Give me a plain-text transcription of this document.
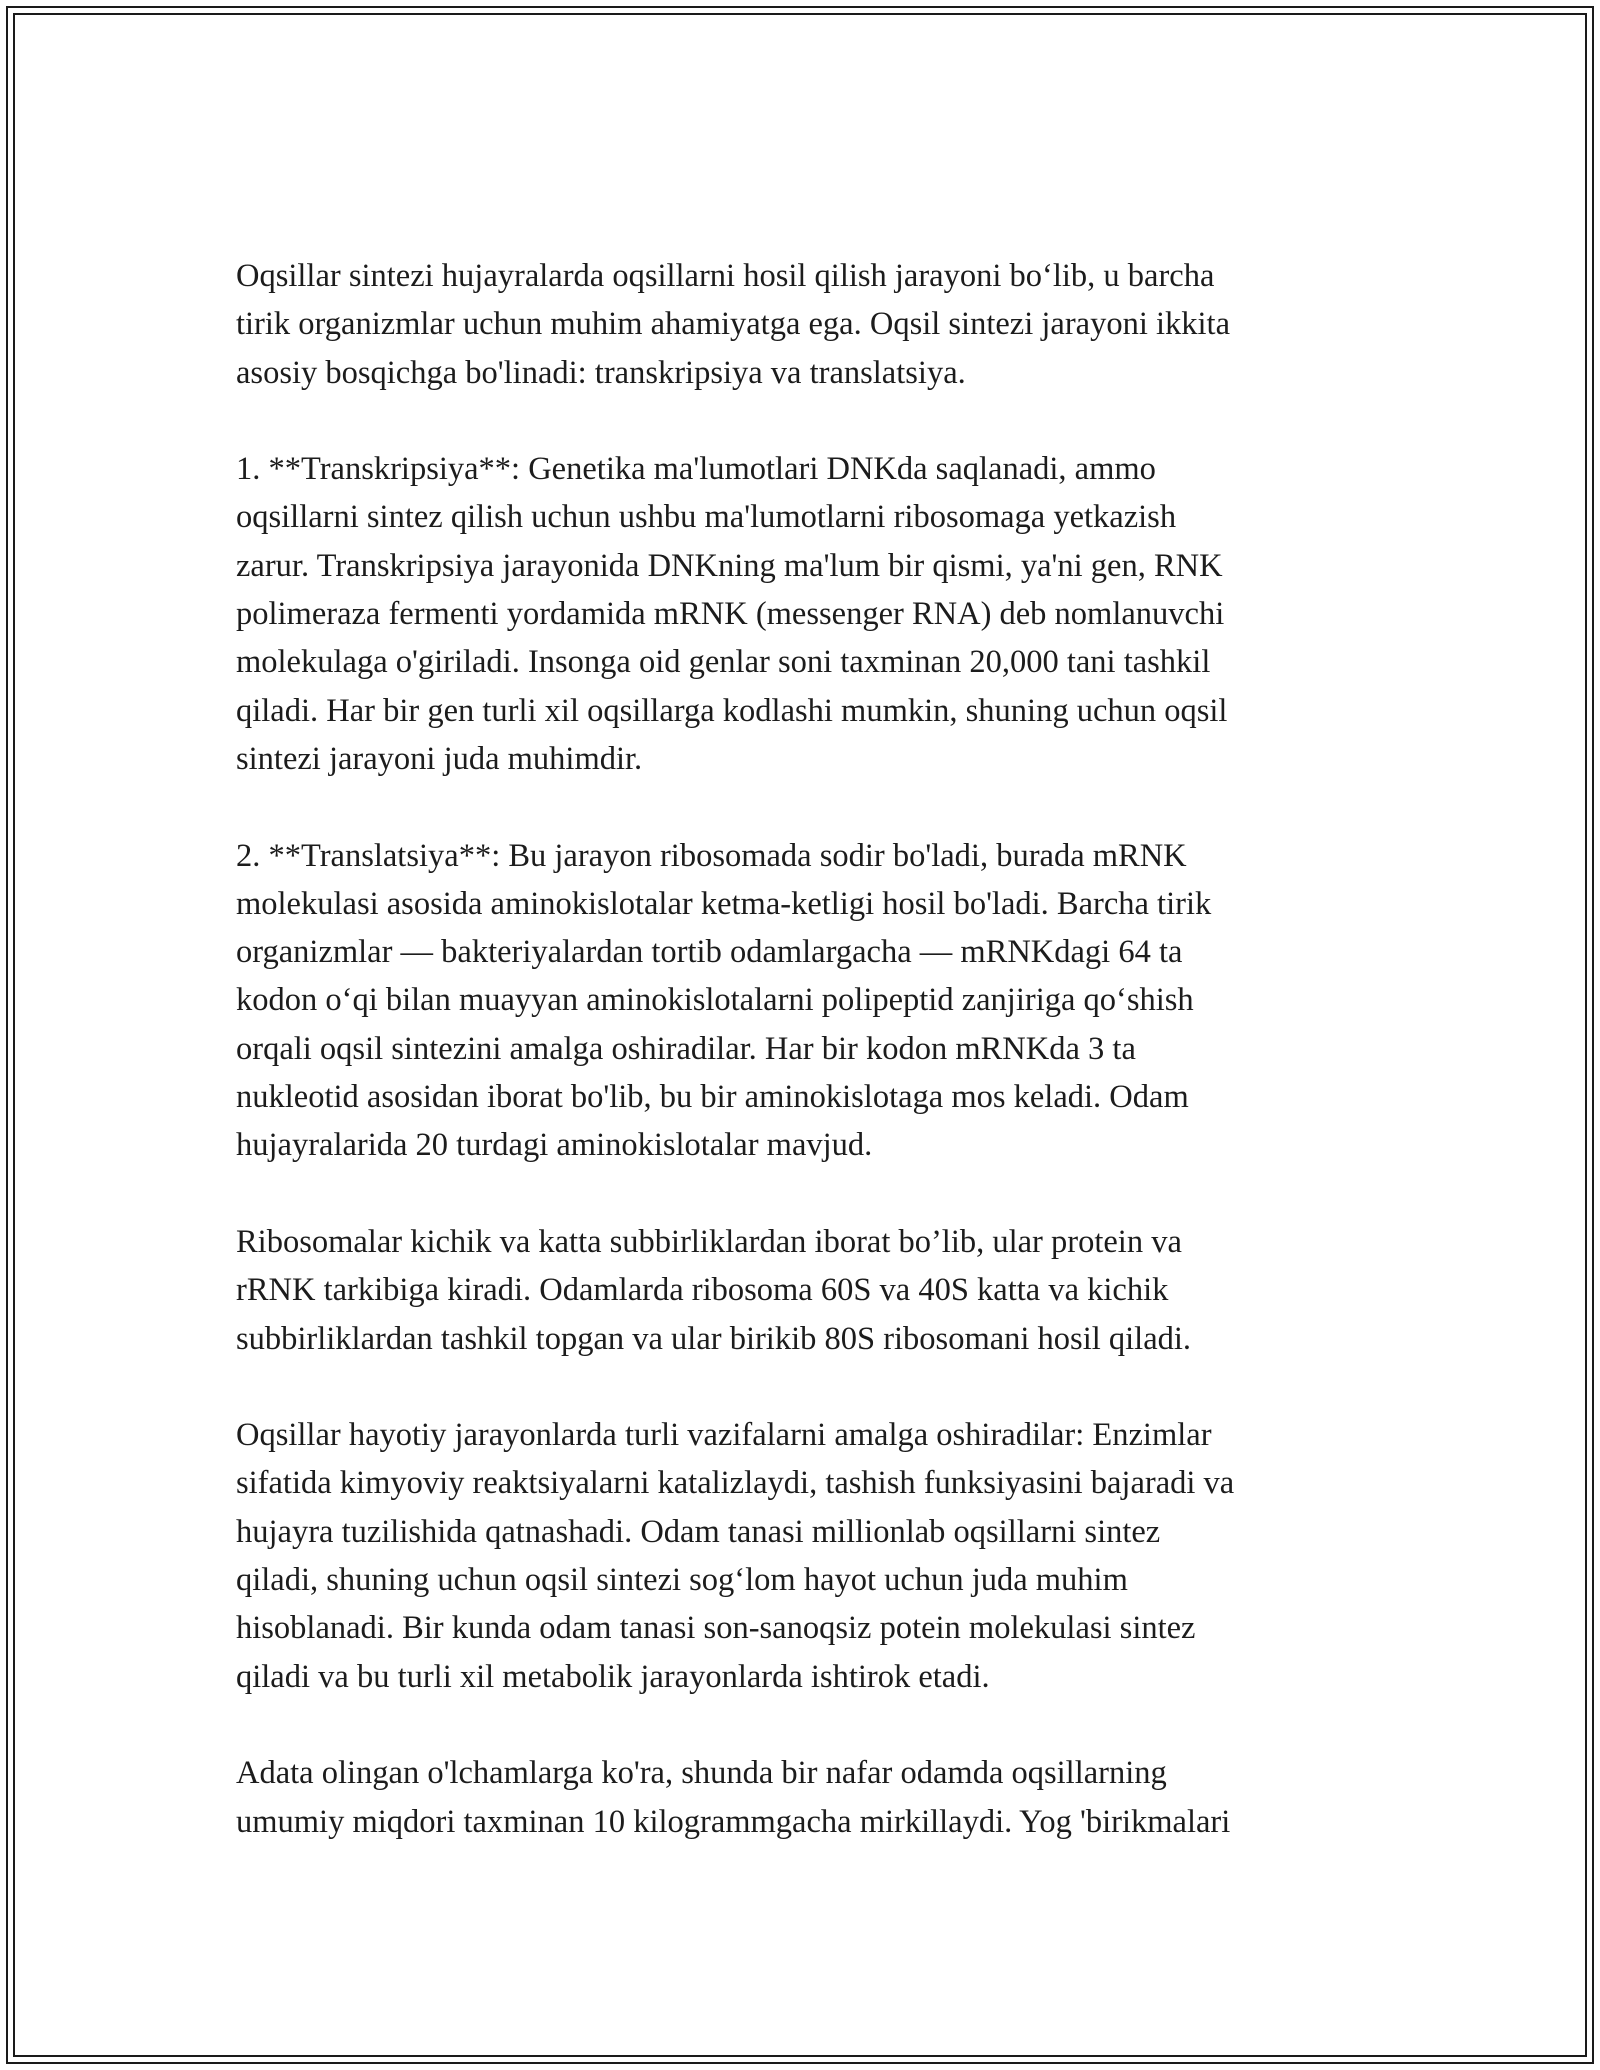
Oqsillar sintezi hujayralarda oqsillarni hosil qilish jarayoni boʻlib, u barcha
tirik organizmlar uchun muhim ahamiyatga ega. Oqsil sintezi jarayoni ikkita
asosiy bosqichga bo'linadi: transkripsiya va translatsiya.

1. **Transkripsiya**: Genetika ma'lumotlari DNKda saqlanadi, ammo
oqsillarni sintez qilish uchun ushbu ma'lumotlarni ribosomaga yetkazish
zarur. Transkripsiya jarayonida DNKning ma'lum bir qismi, ya'ni gen, RNK
polimeraza fermenti yordamida mRNK (messenger RNA) deb nomlanuvchi
molekulaga o'giriladi. Insonga oid genlar soni taxminan 20,000 tani tashkil
qiladi. Har bir gen turli xil oqsillarga kodlashi mumkin, shuning uchun oqsil
sintezi jarayoni juda muhimdir.

2. **Translatsiya**: Bu jarayon ribosomada sodir bo'ladi, burada mRNK
molekulasi asosida aminokislotalar ketma-ketligi hosil bo'ladi. Barcha tirik
organizmlar — bakteriyalardan tortib odamlargacha — mRNKdagi 64 ta
kodon oʻqi bilan muayyan aminokislotalarni polipeptid zanjiriga qoʻshish
orqali oqsil sintezini amalga oshiradilar. Har bir kodon mRNKda 3 ta
nukleotid asosidan iborat bo'lib, bu bir aminokislotaga mos keladi. Odam
hujayralarida 20 turdagi aminokislotalar mavjud.

Ribosomalar kichik va katta subbirliklardan iborat bo’lib, ular protein va
rRNK tarkibiga kiradi. Odamlarda ribosoma 60S va 40S katta va kichik
subbirliklardan tashkil topgan va ular birikib 80S ribosomani hosil qiladi.

Oqsillar hayotiy jarayonlarda turli vazifalarni amalga oshiradilar: Enzimlar
sifatida kimyoviy reaktsiyalarni katalizlaydi, tashish funksiyasini bajaradi va
hujayra tuzilishida qatnashadi. Odam tanasi millionlab oqsillarni sintez
qiladi, shuning uchun oqsil sintezi sogʻlom hayot uchun juda muhim
hisoblanadi. Bir kunda odam tanasi son-sanoqsiz potein molekulasi sintez
qiladi va bu turli xil metabolik jarayonlarda ishtirok etadi.

Adata olingan o'lchamlarga ko'ra, shunda bir nafar odamda oqsillarning
umumiy miqdori taxminan 10 kilogrammgacha mirkillaydi. Yog 'birikmalari
